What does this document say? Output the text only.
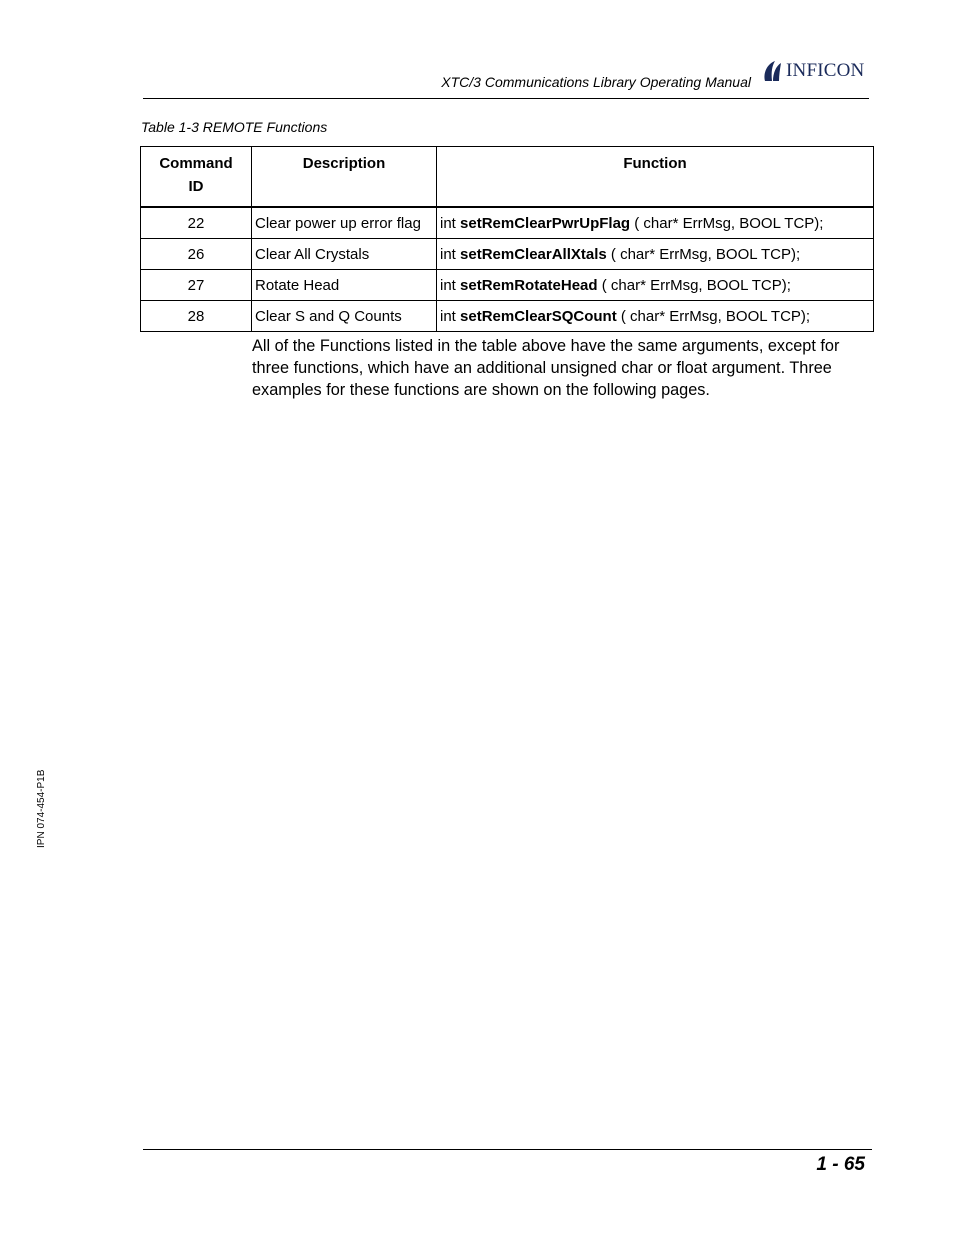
XTC/3 Communications Library Operating Manual
INFICON
Table 1-3 REMOTE Functions
Command ID	Description	Function
22	Clear power up error flag	int setRemClearPwrUpFlag ( char* ErrMsg, BOOL TCP);
26	Clear All Crystals	int setRemClearAllXtals ( char* ErrMsg, BOOL TCP);
27	Rotate Head	int setRemRotateHead ( char* ErrMsg, BOOL TCP);
28	Clear S and Q Counts	int setRemClearSQCount ( char* ErrMsg, BOOL TCP);
All of the Functions listed in the table above have the same arguments, except for three functions, which have an additional unsigned char or float argument. Three examples for these functions are shown on the following pages.
IPN 074-454-P1B
1 - 65
